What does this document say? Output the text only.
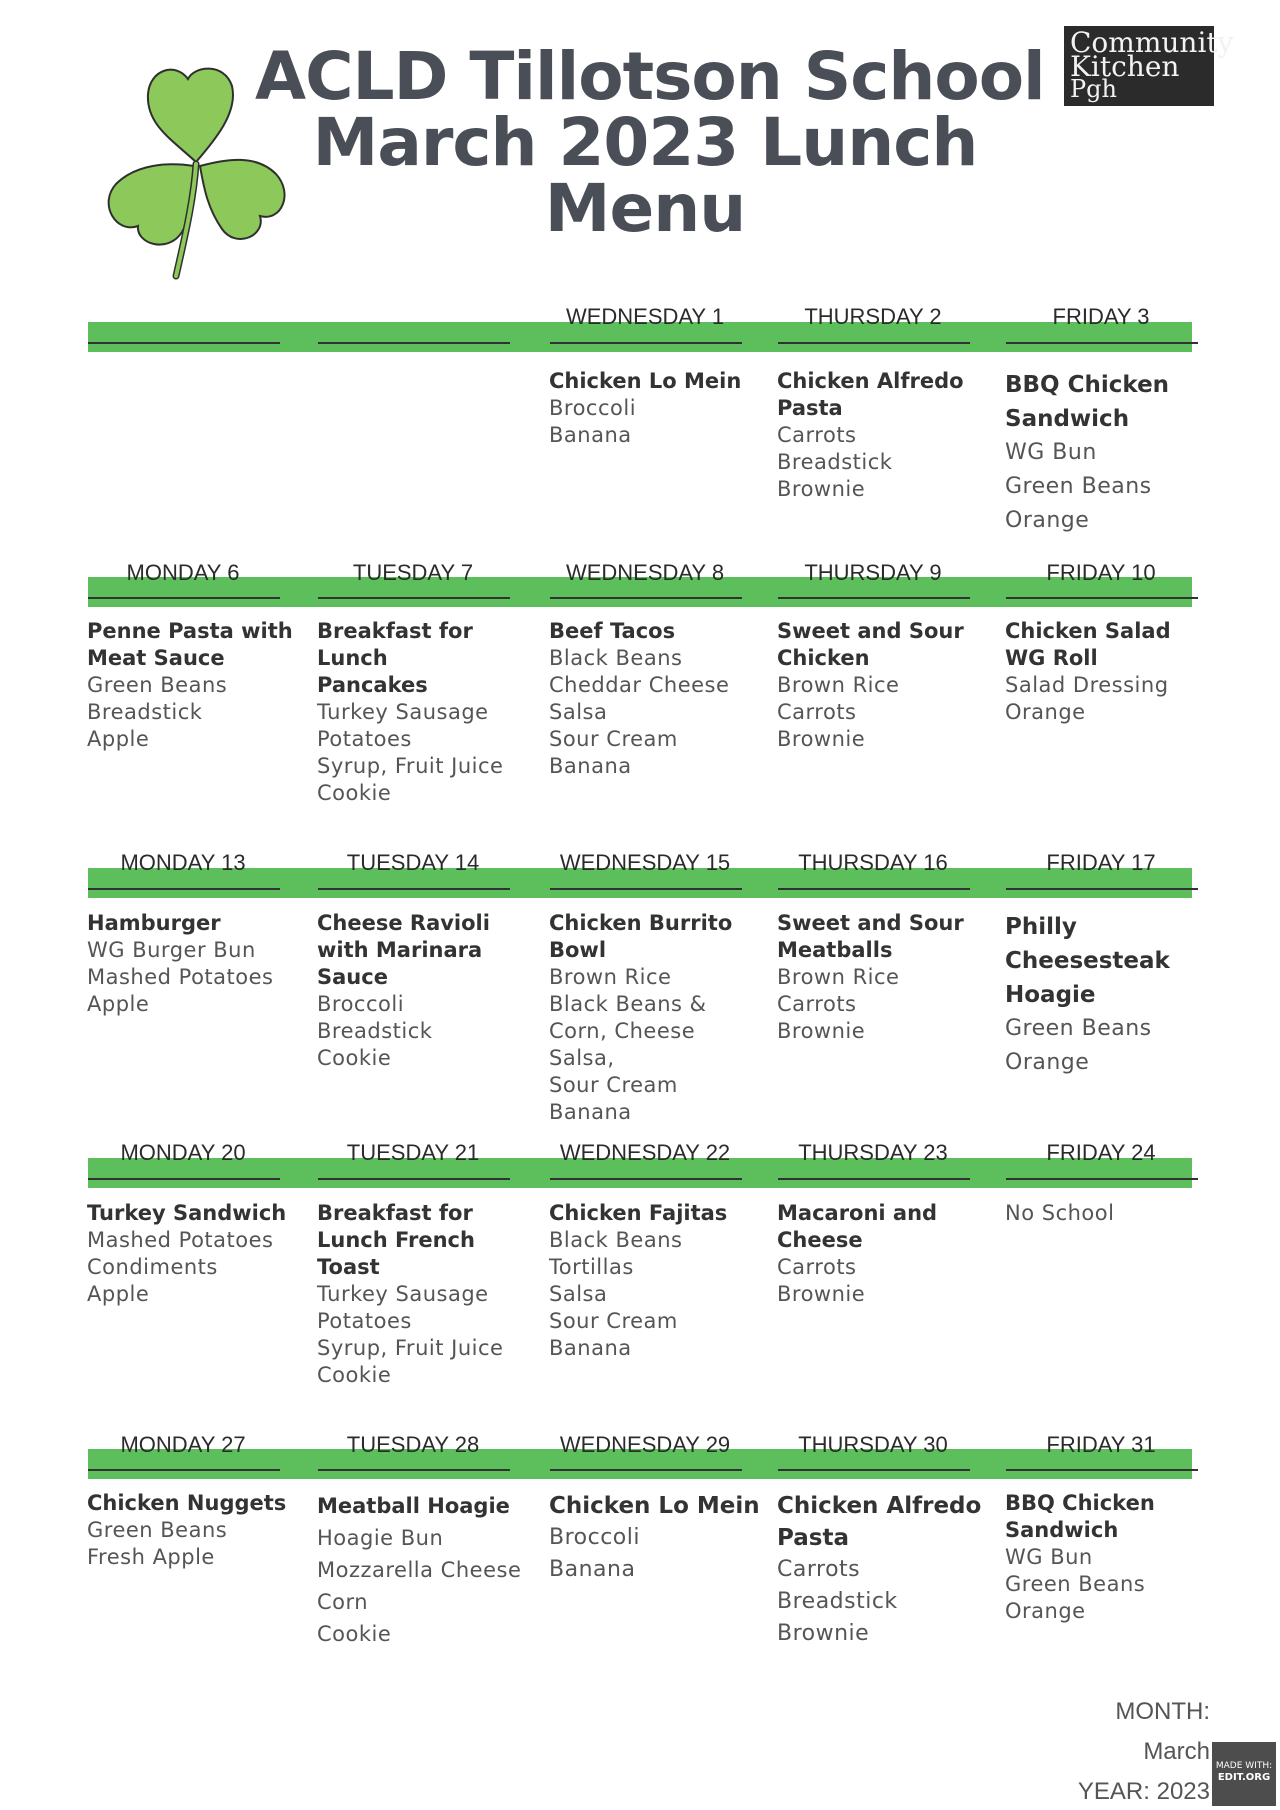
ACLD Tillotson School
March 2023 Lunch
Menu
Community
Kitchen
Pgh
WEDNESDAY 1
Chicken Lo Mein
Broccoli
Banana
THURSDAY 2
Chicken Alfredo
Pasta
Carrots
Breadstick
Brownie
FRIDAY 3
BBQ Chicken
Sandwich
WG Bun
Green Beans
Orange
MONDAY 6
Penne Pasta with
Meat Sauce
Green Beans
Breadstick
Apple
TUESDAY 7
Breakfast for
Lunch
Pancakes
Turkey Sausage
Potatoes
Syrup, Fruit Juice
Cookie
WEDNESDAY 8
Beef Tacos
Black Beans
Cheddar Cheese
Salsa
Sour Cream
Banana
THURSDAY 9
Sweet and Sour
Chicken
Brown Rice
Carrots
Brownie
FRIDAY 10
Chicken Salad
WG Roll
Salad Dressing
Orange
MONDAY 13
Hamburger
WG Burger Bun
Mashed Potatoes
Apple
TUESDAY 14
Cheese Ravioli
with Marinara
Sauce
Broccoli
Breadstick
Cookie
WEDNESDAY 15
Chicken Burrito
Bowl
Brown Rice
Black Beans &
Corn, Cheese
Salsa,
Sour Cream
Banana
THURSDAY 16
Sweet and Sour
Meatballs
Brown Rice
Carrots
Brownie
FRIDAY 17
Philly
Cheesesteak
Hoagie
Green Beans
Orange
MONDAY 20
Turkey Sandwich
Mashed Potatoes
Condiments
Apple
TUESDAY 21
Breakfast for
Lunch French
Toast
Turkey Sausage
Potatoes
Syrup, Fruit Juice
Cookie
WEDNESDAY 22
Chicken Fajitas
Black Beans
Tortillas
Salsa
Sour Cream
Banana
THURSDAY 23
Macaroni and
Cheese
Carrots
Brownie
FRIDAY 24
No School
MONDAY 27
Chicken Nuggets
Green Beans
Fresh Apple
TUESDAY 28
Meatball Hoagie
Hoagie Bun
Mozzarella Cheese
Corn
Cookie
WEDNESDAY 29
Chicken Lo Mein
Broccoli
Banana
THURSDAY 30
Chicken Alfredo
Pasta
Carrots
Breadstick
Brownie
FRIDAY 31
BBQ Chicken
Sandwich
WG Bun
Green Beans
Orange
MONTH:
March
YEAR: 2023
MADE WITH:
EDIT.ORG
